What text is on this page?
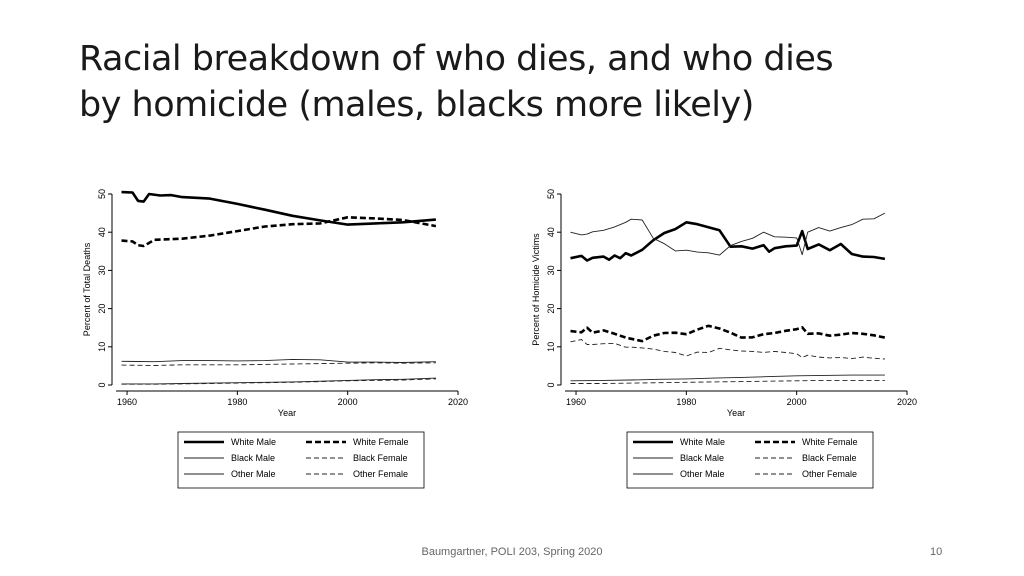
Racial breakdown of who dies, and who dies
by homicide (males, blacks more likely)
0
10
20
30
40
50
1960	1980	2000	2020
Year
Percent of Total Deaths
White Male	White Female
Black Male	Black Female
Other Male	Other Female
0
10
20
30
40
50
1960	1980	2000	2020
Year
Percent of Homicide Victims
White Male	White Female
Black Male	Black Female
Other Male	Other Female
Baumgartner, POLI 203, Spring 2020	10
